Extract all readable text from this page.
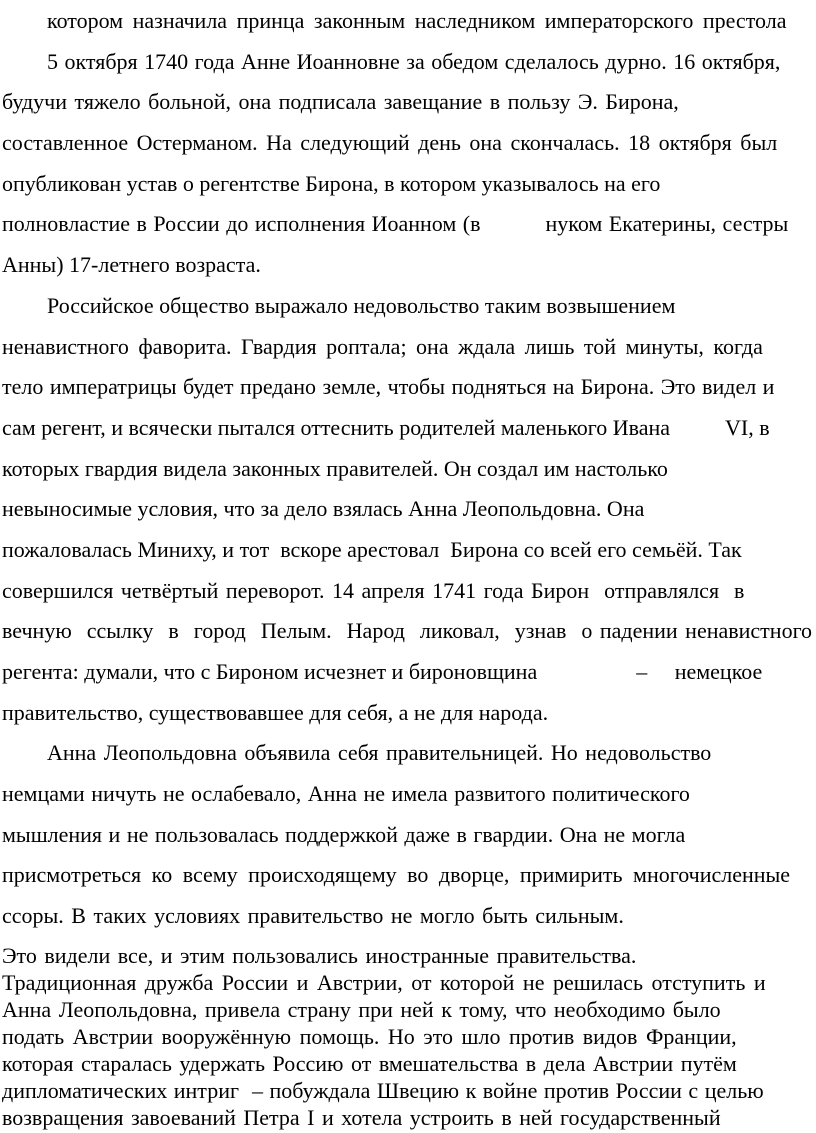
котором назначила принца законным наследником императорского престола
5 октября 1740 года Анне Иоанновне за обедом сделалось дурно. 16 октября,
будучи тяжело больной, она подписала завещание в пользу Э. Бирона,
составленное Остерманом. На следующий день она скончалась. 18 октября был
опубликован устав о регентстве Бирона, в котором указывалось на его
полновластие в России до исполнения Иоанном (в          нуком Екатерины, сестры
Анны) 17-летнего возраста.
Российское общество выражало недовольство таким возвышением
ненавистного фаворита. Гвардия роптала; она ждала лишь той минуты, когда
тело императрицы будет предано земле, чтобы подняться на Бирона. Это видел и
сам регент, и всячески пытался оттеснить родителей маленького Ивана          VI, в
которых гвардия видела законных правителей. Он создал им настолько
невыносимые условия, что за дело взялась Анна Леопольдовна. Она
пожаловалась Миниху, и тот  вскоре арестовал  Бирона со всей его семьёй. Так
совершился четвёртый переворот. 14 апреля 1741 года Бирон  отправлялся  в
вечную  ссылку  в  город  Пелым.  Народ  ликовал,  узнав  о падении ненавистного
регента: думали, что с Бироном исчезнет и бироновщина                  –     немецкое
правительство, существовавшее для себя, а не для народа.
Анна Леопольдовна объявила себя правительницей. Но недовольство
немцами ничуть не ослабевало, Анна не имела развитого политического
мышления и не пользовалась поддержкой даже в гвардии. Она не могла
присмотреться ко всему происходящему во дворце, примирить многочисленные
ссоры. В таких условиях правительство не могло быть сильным.
Это видели все, и этим пользовались иностранные правительства.
Традиционная дружба России и Австрии, от которой не решилась отступить и
Анна Леопольдовна, привела страну при ней к тому, что необходимо было
подать Австрии вооружённую помощь. Но это шло против видов Франции,
которая старалась удержать Россию от вмешательства в дела Австрии путём
дипломатических интриг  – побуждала Швецию к войне против России с целью
возвращения завоеваний Петра I и хотела устроить в ней государственный
